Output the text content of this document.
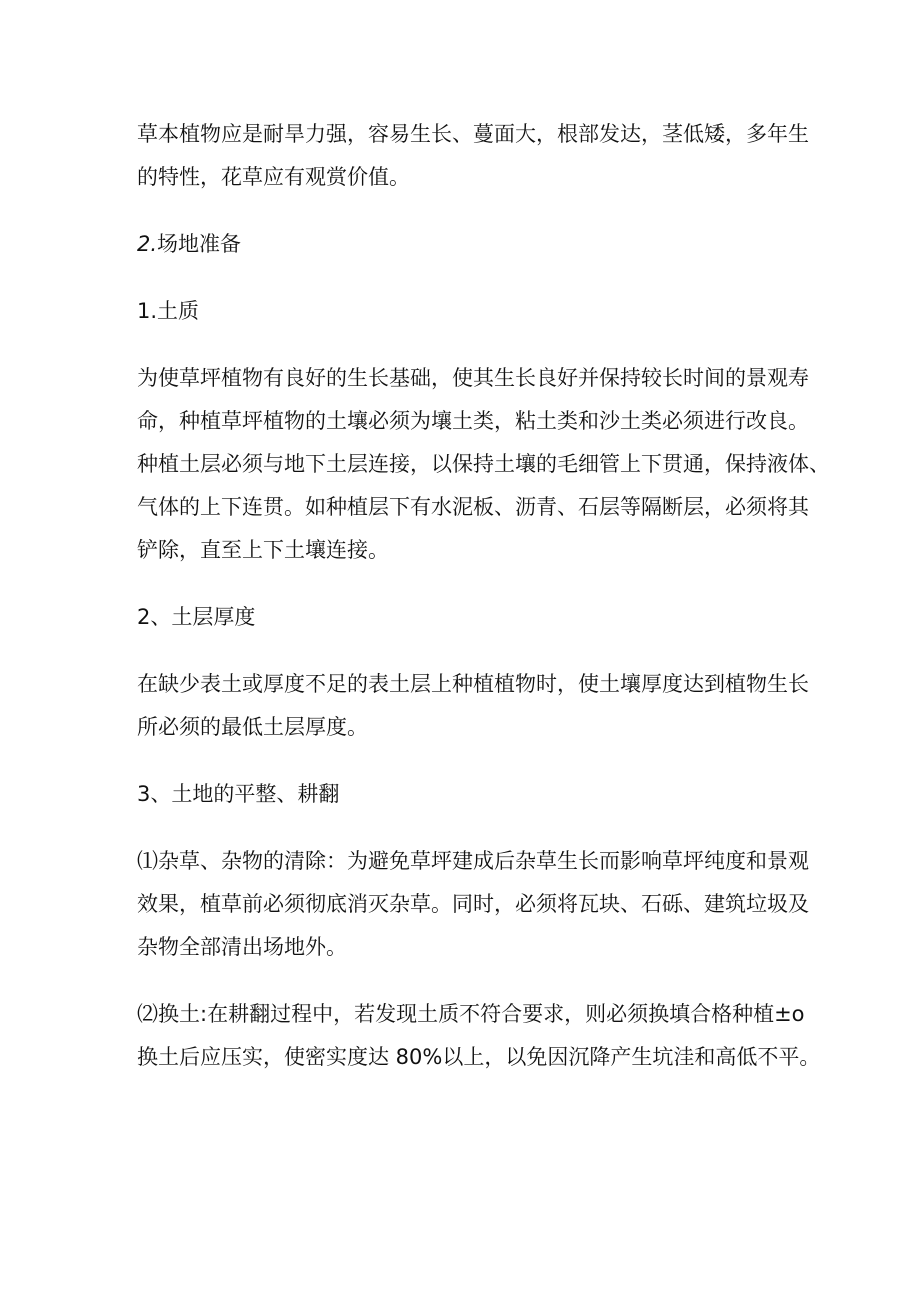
草本植物应是耐旱力强，容易生长、蔓面大，根部发达，茎低矮，多年生
的特性，花草应有观赏价值。

2.场地准备

1.土质

为使草坪植物有良好的生长基础，使其生长良好并保持较长时间的景观寿
命，种植草坪植物的土壤必须为壤土类，粘土类和沙土类必须进行改良。
种植土层必须与地下土层连接，以保持土壤的毛细管上下贯通，保持液体、
气体的上下连贯。如种植层下有水泥板、沥青、石层等隔断层，必须将其
铲除，直至上下土壤连接。

2、土层厚度

在缺少表土或厚度不足的表土层上种植植物时，使土壤厚度达到植物生长
所必须的最低土层厚度。

3、土地的平整、耕翻

⑴杂草、杂物的清除：为避免草坪建成后杂草生长而影响草坪纯度和景观
效果，植草前必须彻底消灭杂草。同时，必须将瓦块、石砾、建筑垃圾及
杂物全部清出场地外。

⑵换土:在耕翻过程中，若发现土质不符合要求，则必须换填合格种植±o
换土后应压实，使密实度达 80%以上，以免因沉降产生坑洼和高低不平。
